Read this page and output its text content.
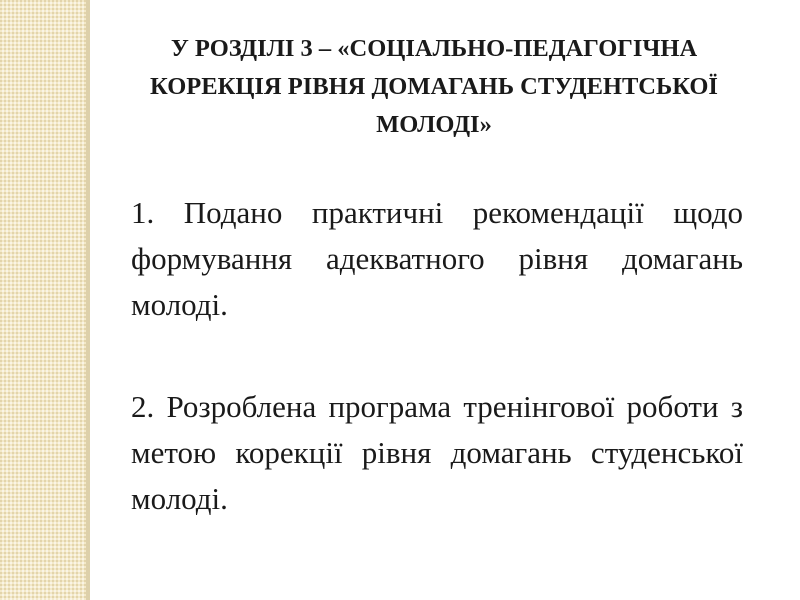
У РОЗДІЛІ 3 – «СОЦІАЛЬНО-ПЕДАГОГІЧНА КОРЕКЦІЯ РІВНЯ ДОМАГАНЬ СТУДЕНТСЬКОЇ МОЛОДІ»

1. Подано практичні рекомендації щодо формування адекватного рівня домагань молоді.

2. Розроблена програма тренінгової роботи з метою корекції рівня домагань студенської молоді.
